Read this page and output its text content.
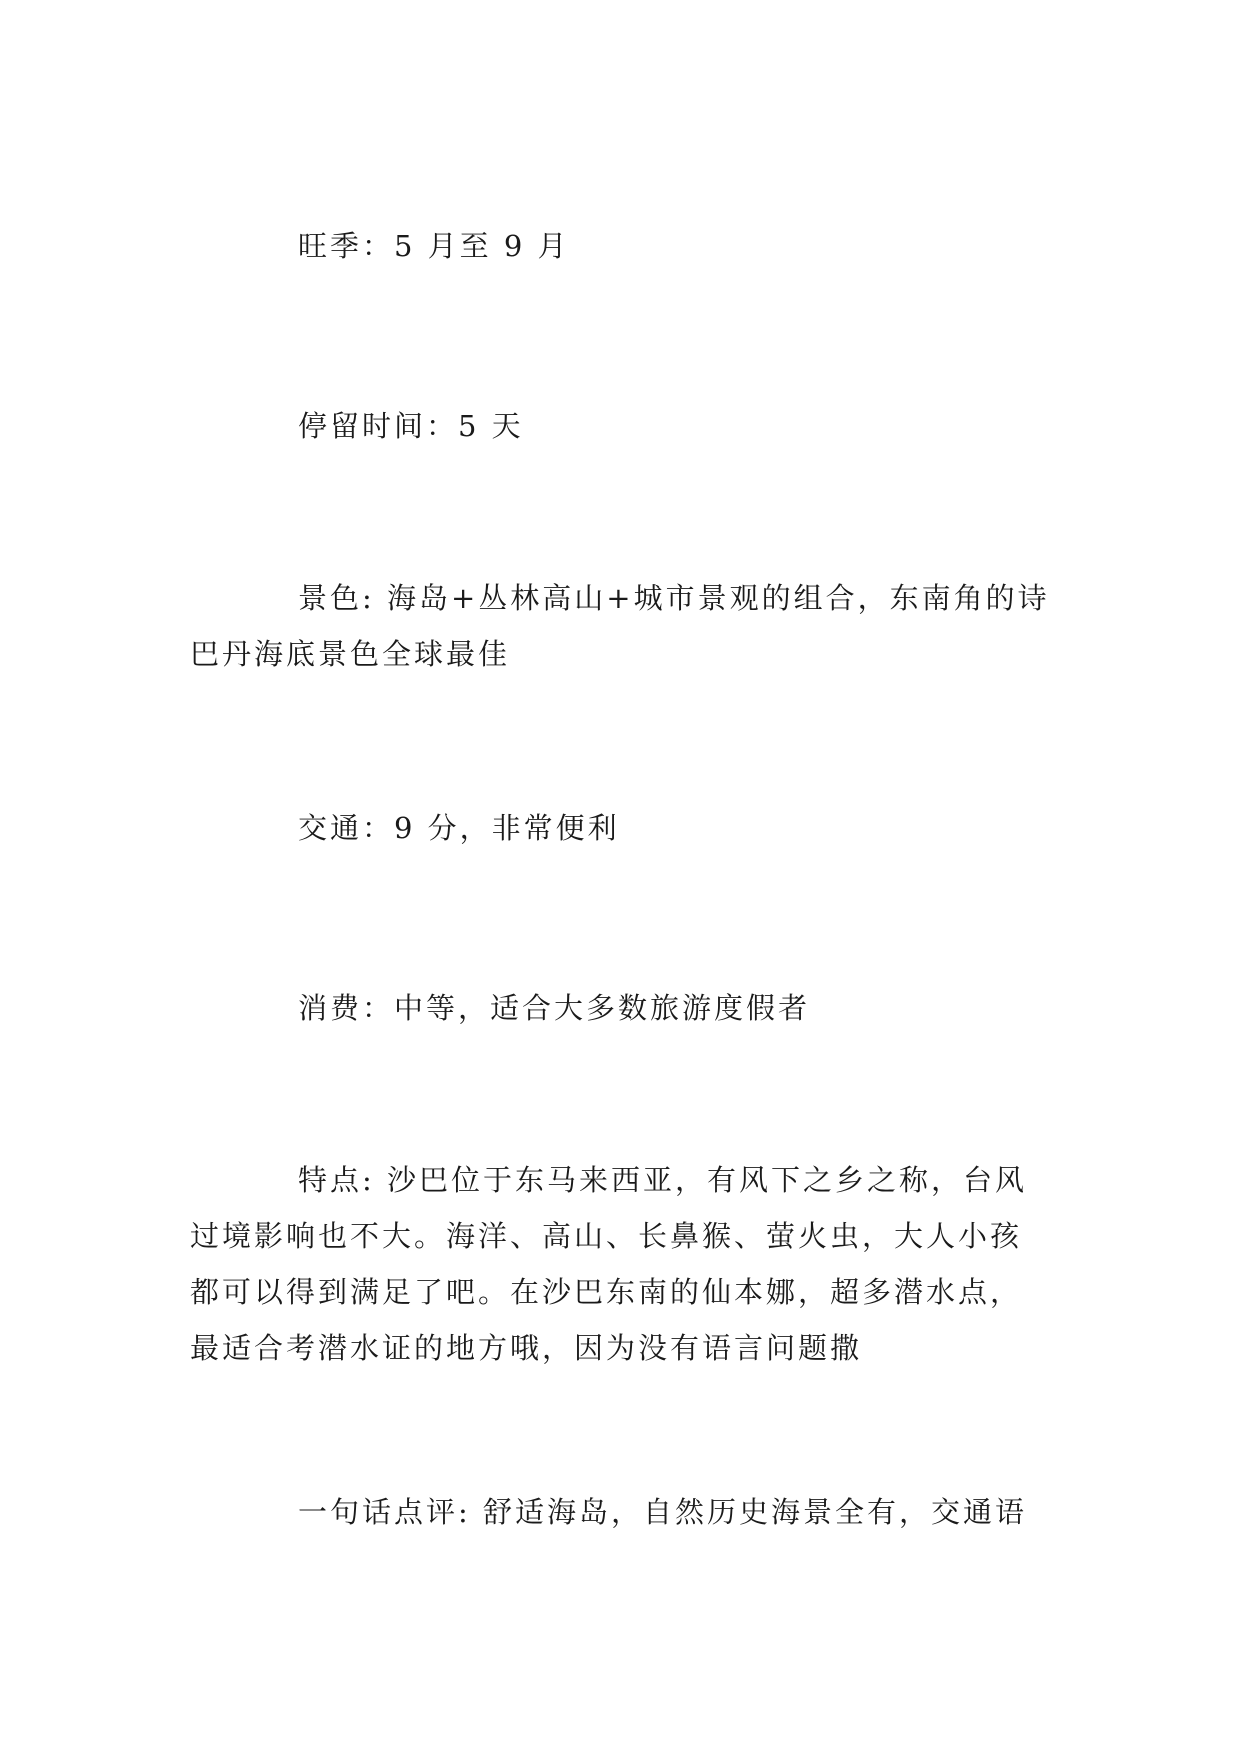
旺季：5 月至 9 月

停留时间：5 天

景色: 海岛+丛林高山+城市景观的组合，东南角的诗巴丹海底景色全球最佳

交通：9 分，非常便利

消费：中等，适合大多数旅游度假者

特点: 沙巴位于东马来西亚，有风下之乡之称，台风过境影响也不大。海洋、高山、长鼻猴、萤火虫，大人小孩都可以得到满足了吧。在沙巴东南的仙本娜，超多潜水点，最适合考潜水证的地方哦，因为没有语言问题撒

一句话点评: 舒适海岛，自然历史海景全有，交通语
